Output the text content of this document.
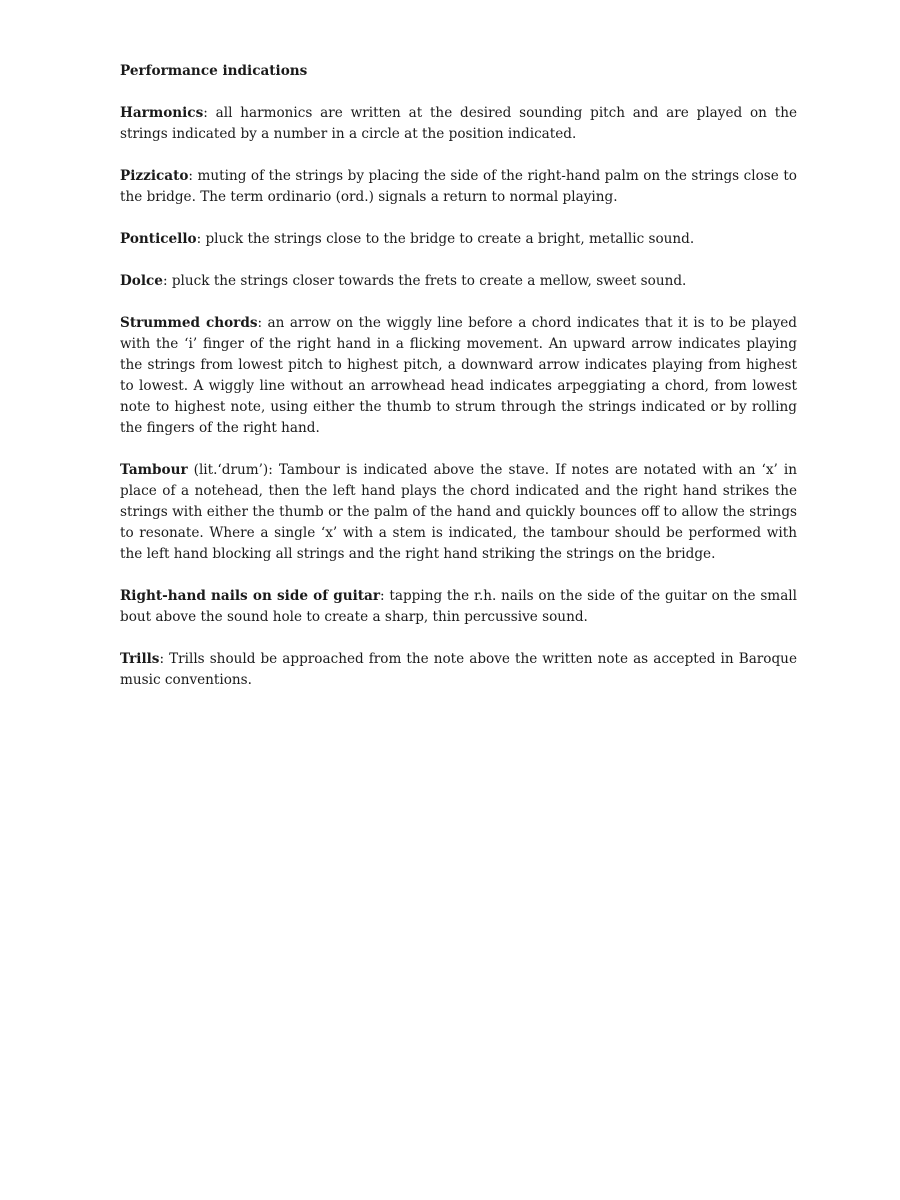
Performance indications

Harmonics: all harmonics are written at the desired sounding pitch and are played on the strings indicated by a number in a circle at the position indicated.

Pizzicato: muting of the strings by placing the side of the right-hand palm on the strings close to the bridge. The term ordinario (ord.) signals a return to normal playing.

Ponticello: pluck the strings close to the bridge to create a bright, metallic sound.

Dolce: pluck the strings closer towards the frets to create a mellow, sweet sound.

Strummed chords: an arrow on the wiggly line before a chord indicates that it is to be played with the ‘i’ finger of the right hand in a flicking movement. An upward arrow indicates playing the strings from lowest pitch to highest pitch, a downward arrow indicates playing from highest to lowest. A wiggly line without an arrowhead head indicates arpeggiating a chord, from lowest note to highest note, using either the thumb to strum through the strings indicated or by rolling the fingers of the right hand.

Tambour (lit.‘drum’): Tambour is indicated above the stave. If notes are notated with an ‘x’ in place of a notehead, then the left hand plays the chord indicated and the right hand strikes the strings with either the thumb or the palm of the hand and quickly bounces off to allow the strings to resonate. Where a single ‘x’ with a stem is indicated, the tambour should be performed with the left hand blocking all strings and the right hand striking the strings on the bridge.

Right-hand nails on side of guitar: tapping the r.h. nails on the side of the guitar on the small bout above the sound hole to create a sharp, thin percussive sound.

Trills: Trills should be approached from the note above the written note as accepted in Baroque music conventions.
